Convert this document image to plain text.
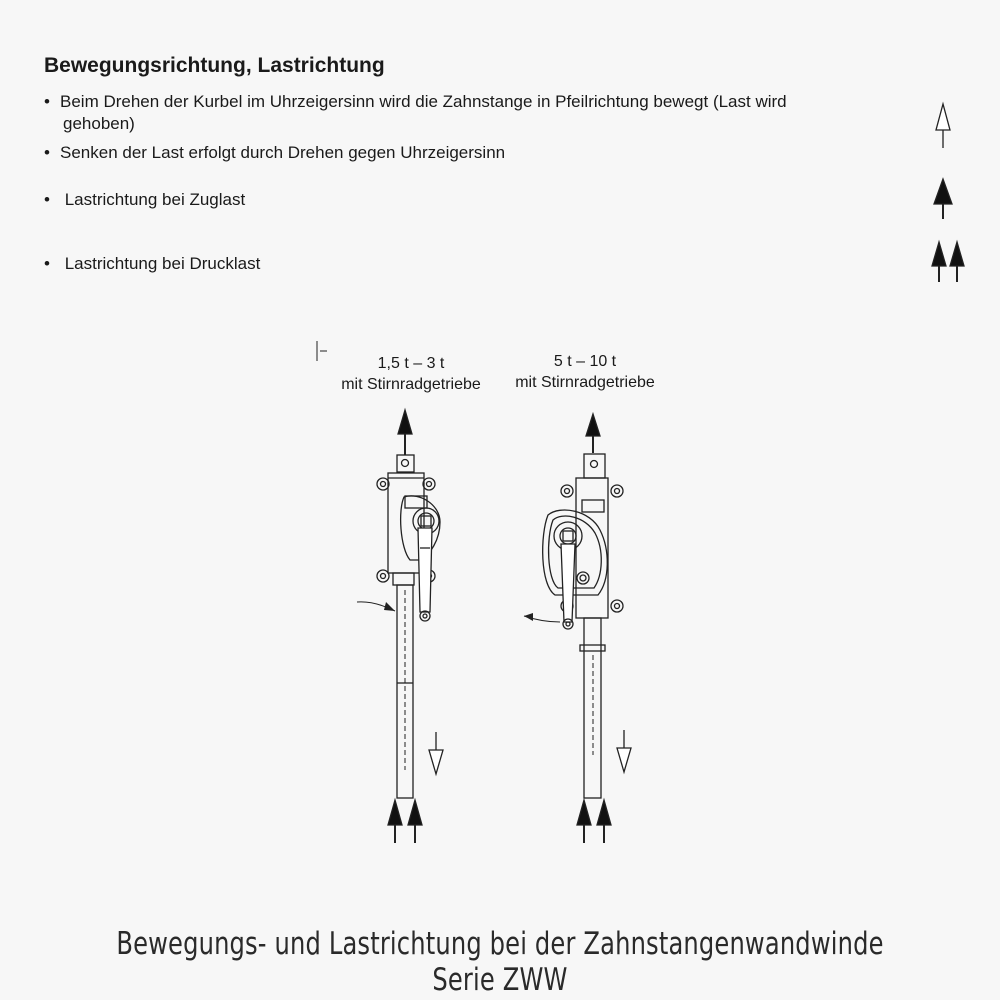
Bewegungsrichtung, Lastrichtung
• Beim Drehen der Kurbel im Uhrzeigersinn wird die Zahnstange in Pfeilrichtung bewegt (Last wird
gehoben)
• Senken der Last erfolgt durch Drehen gegen Uhrzeigersinn
• Lastrichtung bei Zuglast
• Lastrichtung bei Drucklast
1,5 t – 3 t
mit Stirnradgetriebe
5 t – 10 t
mit Stirnradgetriebe
Bewegungs- und Lastrichtung bei der Zahnstangenwandwinde Serie ZWW
